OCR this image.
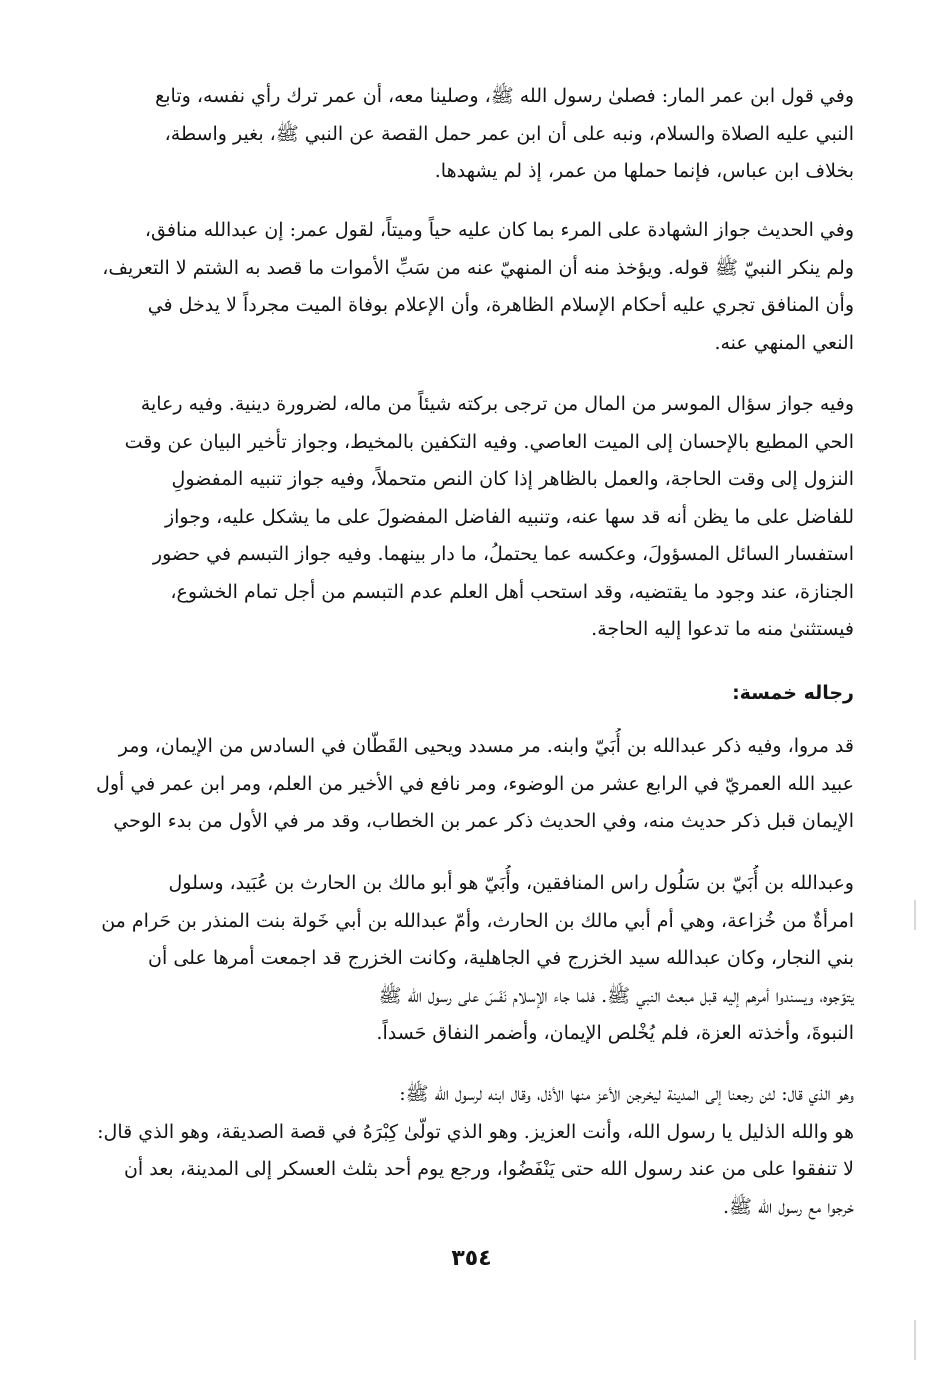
وفي قول ابن عمر المار: فصلىٰ رسول الله ﷺ، وصلينا معه، أن عمر ترك رأي نفسه، وتابع
النبي عليه الصلاة والسلام، ونبه على أن ابن عمر حمل القصة عن النبي ﷺ، بغير واسطة،
بخلاف ابن عباس، فإنما حملها من عمر، إذ لم يشهدها.
وفي الحديث جواز الشهادة على المرء بما كان عليه حياً وميتاً، لقول عمر: إن عبدالله منافق،
ولم ينكر النبيّ ﷺ قوله. ويؤخذ منه أن المنهيّ عنه من سَبِّ الأموات ما قصد به الشتم لا التعريف،
وأن المنافق تجري عليه أحكام الإسلام الظاهرة، وأن الإعلام بوفاة الميت مجرداً لا يدخل في
النعي المنهي عنه.
وفيه جواز سؤال الموسر من المال من ترجى بركته شيئاً من ماله، لضرورة دينية. وفيه رعاية
الحي المطيع بالإحسان إلى الميت العاصي. وفيه التكفين بالمخيط، وجواز تأخير البيان عن وقت
النزول إلى وقت الحاجة، والعمل بالظاهر إذا كان النص متحملاً، وفيه جواز تنبيه المفضولِ
للفاضل على ما يظن أنه قد سها عنه، وتنبيه الفاضل المفضولَ على ما يشكل عليه، وجواز
استفسار السائل المسؤولَ، وعكسه عما يحتملُ، ما دار بينهما. وفيه جواز التبسم في حضور
الجنازة، عند وجود ما يقتضيه، وقد استحب أهل العلم عدم التبسم من أجل تمام الخشوع،
فيستثنىٰ منه ما تدعوا إليه الحاجة.
رجاله خمسة:
قد مروا، وفيه ذكر عبدالله بن أُبَيّ وابنه. مر مسدد ويحيى القَطّان في السادس من الإيمان، ومر
عبيد الله العمريّ في الرابع عشر من الوضوء، ومر نافع في الأخير من العلم، ومر ابن عمر في أول
الإيمان قبل ذكر حديث منه، وفي الحديث ذكر عمر بن الخطاب، وقد مر في الأول من بدء الوحي
وعبدالله بن أُبَيّ بن سَلُول راس المنافقين، وأُبَيّ هو أبو مالك بن الحارث بن عُبَيد، وسلول
امرأةٌ من خُزاعة، وهي أم أبي مالك بن الحارث، وأمّ عبدالله بن أبي خَولة بنت المنذر بن حَرام من
بني النجار، وكان عبدالله سيد الخزرج في الجاهلية، وكانت الخزرج قد اجمعت أمرها على أن
يتوّجوه، ويسندوا أمرهم إليه قبل مبعث النبي ﷺ. فلما جاء الإسلام نَفَسَ على رسول الله ﷺ
النبوةَ، وأخذته العزة، فلم يُخْلص الإيمان، وأضمر النفاق حَسداً.
وهو الذي قال: لئن رجعنا إلى المدينة ليخرجن الأعز منها الأذل، وقال ابنه لرسول الله ﷺ:
هو والله الذليل يا رسول الله، وأنت العزيز. وهو الذي تولّىٰ كِبْرَهُ في قصة الصديقة، وهو الذي قال:
لا تنفقوا على من عند رسول الله حتى يَنْفَضُوا، ورجع يوم أحد بثلث العسكر إلى المدينة، بعد أن
خرجوا مع رسول الله ﷺ.
٣٥٤
